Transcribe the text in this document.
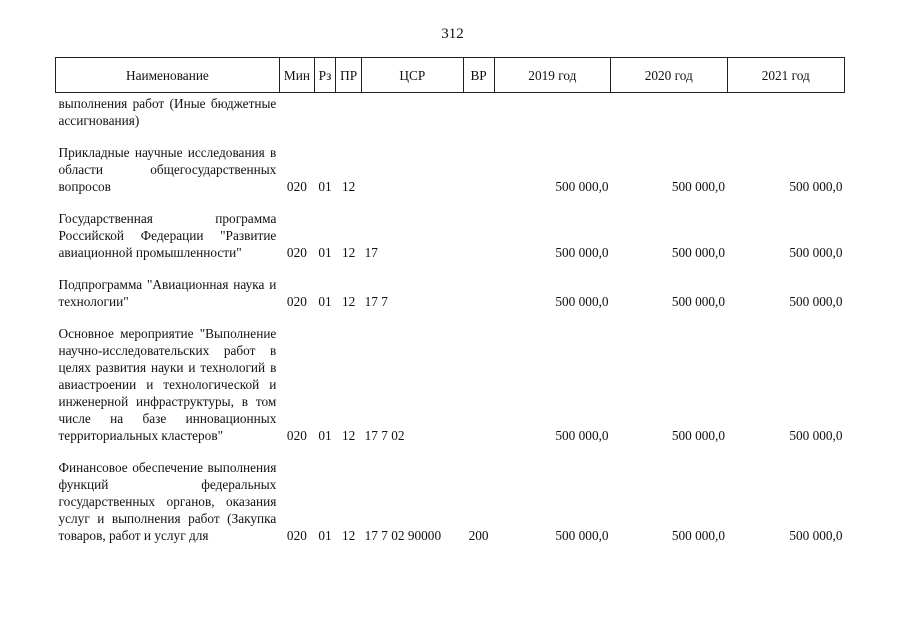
312
Наименование	Мин	Рз	ПР	ЦСР	ВР	2019 год	2020 год	2021 год
выполнения работ (Иные бюджетные ассигнования)								

Прикладные научные исследования в области общегосударственных вопросов	020	01	12			500 000,0	500 000,0	500 000,0

Государственная программа Российской Федерации "Развитие авиационной промышленности"	020	01	12	17		500 000,0	500 000,0	500 000,0

Подпрограмма "Авиационная наука и технологии"	020	01	12	17 7		500 000,0	500 000,0	500 000,0

Основное мероприятие "Выполнение научно-исследовательских работ в целях развития науки и технологий в авиастроении и технологической и инженерной инфраструктуры, в том числе на базе инновационных территориальных кластеров"	020	01	12	17 7 02		500 000,0	500 000,0	500 000,0

Финансовое обеспечение выполнения функций федеральных государственных органов, оказания услуг и выполнения работ (Закупка товаров, работ и услуг для	020	01	12	17 7 02 90000	200	500 000,0	500 000,0	500 000,0
